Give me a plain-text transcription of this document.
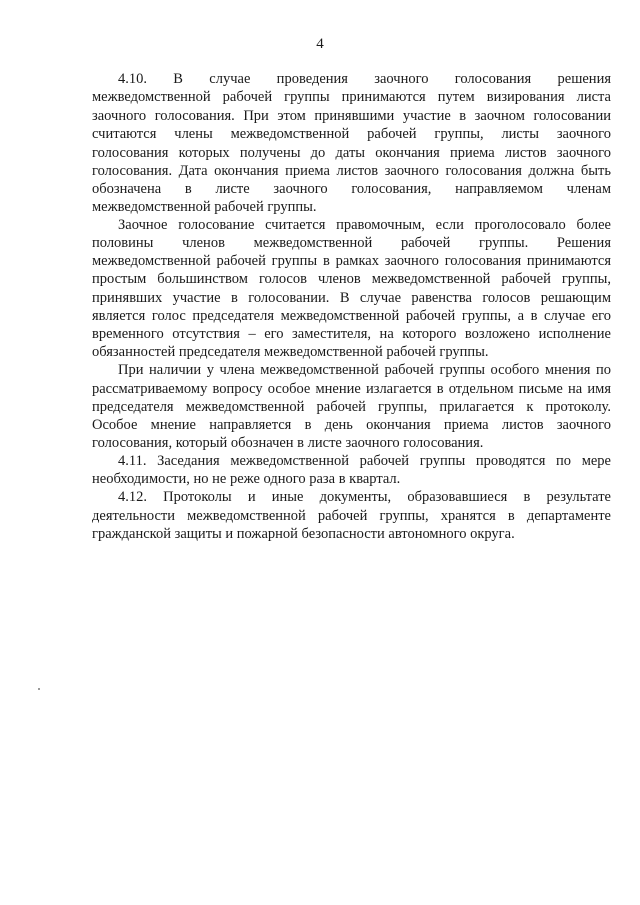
4
4.10. В случае проведения заочного голосования решения
межведомственной рабочей группы принимаются путем визирования листа
заочного голосования. При этом принявшими участие в заочном голосовании
считаются члены межведомственной рабочей группы, листы заочного
голосования которых получены до даты окончания приема листов заочного
голосования. Дата окончания приема листов заочного голосования должна быть
обозначена в листе заочного голосования, направляемом членам
межведомственной рабочей группы.
Заочное голосование считается правомочным, если проголосовало более
половины членов межведомственной рабочей группы. Решения
межведомственной рабочей группы в рамках заочного голосования принимаются
простым большинством голосов членов межведомственной рабочей группы,
принявших участие в голосовании. В случае равенства голосов решающим
является голос председателя межведомственной рабочей группы, а в случае его
временного отсутствия – его заместителя, на которого возложено исполнение
обязанностей председателя межведомственной рабочей группы.
При наличии у члена межведомственной рабочей группы особого мнения по
рассматриваемому вопросу особое мнение излагается в отдельном письме на имя
председателя межведомственной рабочей группы, прилагается к протоколу.
Особое мнение направляется в день окончания приема листов заочного
голосования, который обозначен в листе заочного голосования.
4.11. Заседания межведомственной рабочей группы проводятся по мере
необходимости, но не реже одного раза в квартал.
4.12. Протоколы и иные документы, образовавшиеся в результате
деятельности межведомственной рабочей группы, хранятся в департаменте
гражданской защиты и пожарной безопасности автономного округа.
